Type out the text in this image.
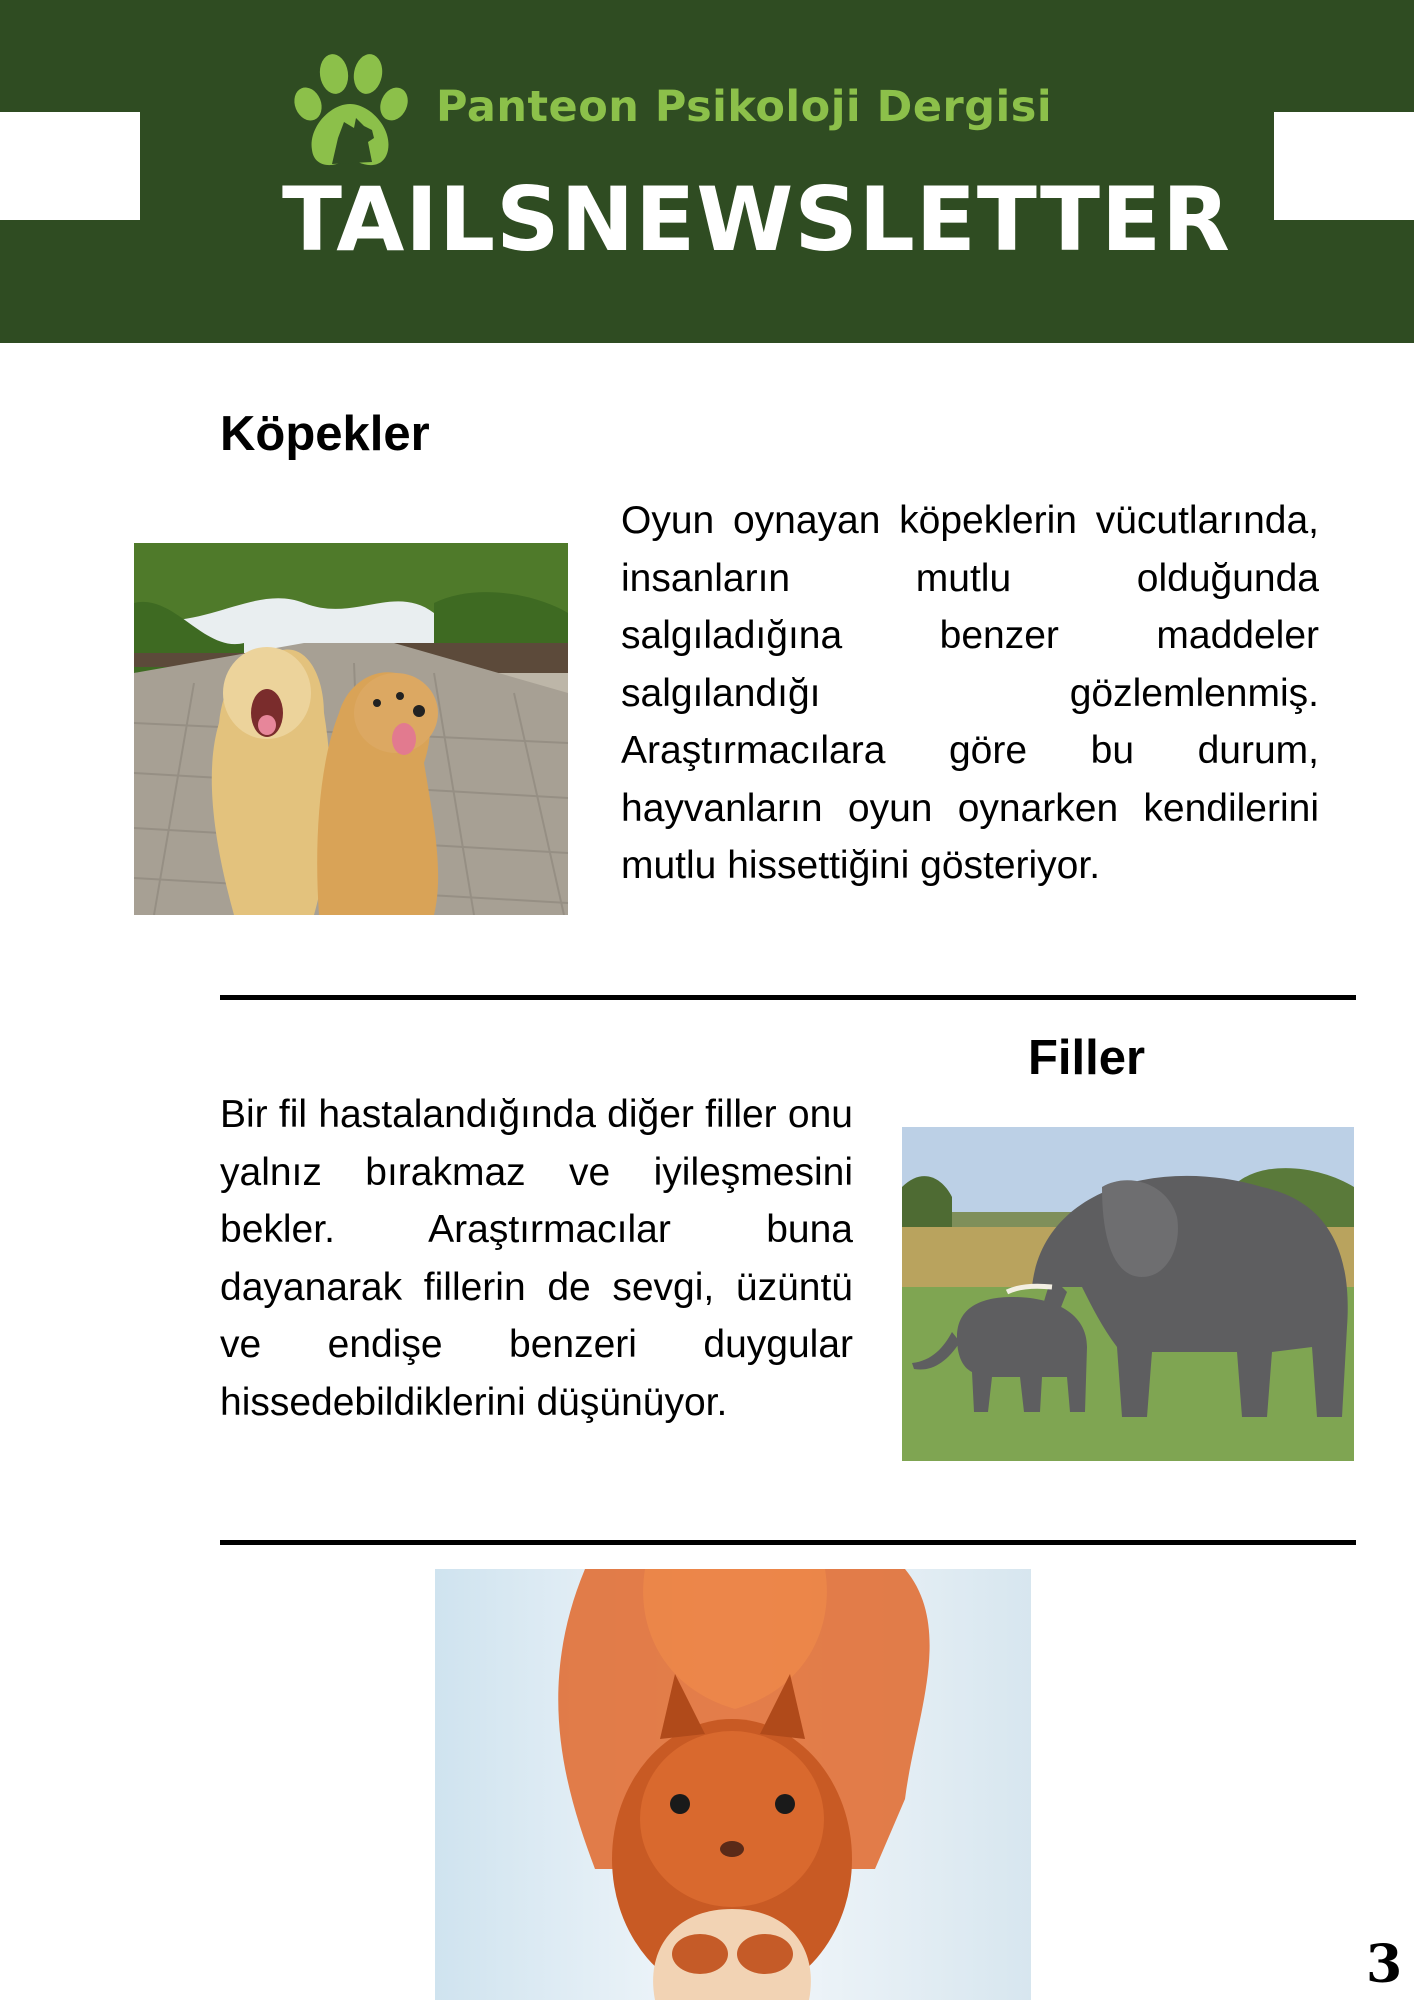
Panteon Psikoloji Dergisi

TAILSNEWSLETTER

Köpekler

Oyun oynayan köpeklerin vücutlarında, insanların mutlu olduğunda salgıladığına benzer maddeler salgılandığı gözlemlenmiş. Araştırmacılara göre bu durum, hayvanların oyun oynarken kendilerini mutlu hissettiğini gösteriyor.

Filler

Bir fil hastalandığında diğer filler onu yalnız bırakmaz ve iyileşmesini bekler. Araştırmacılar buna dayanarak fillerin de sevgi, üzüntü ve endişe benzeri duygular hissedebildiklerini düşünüyor.

3
